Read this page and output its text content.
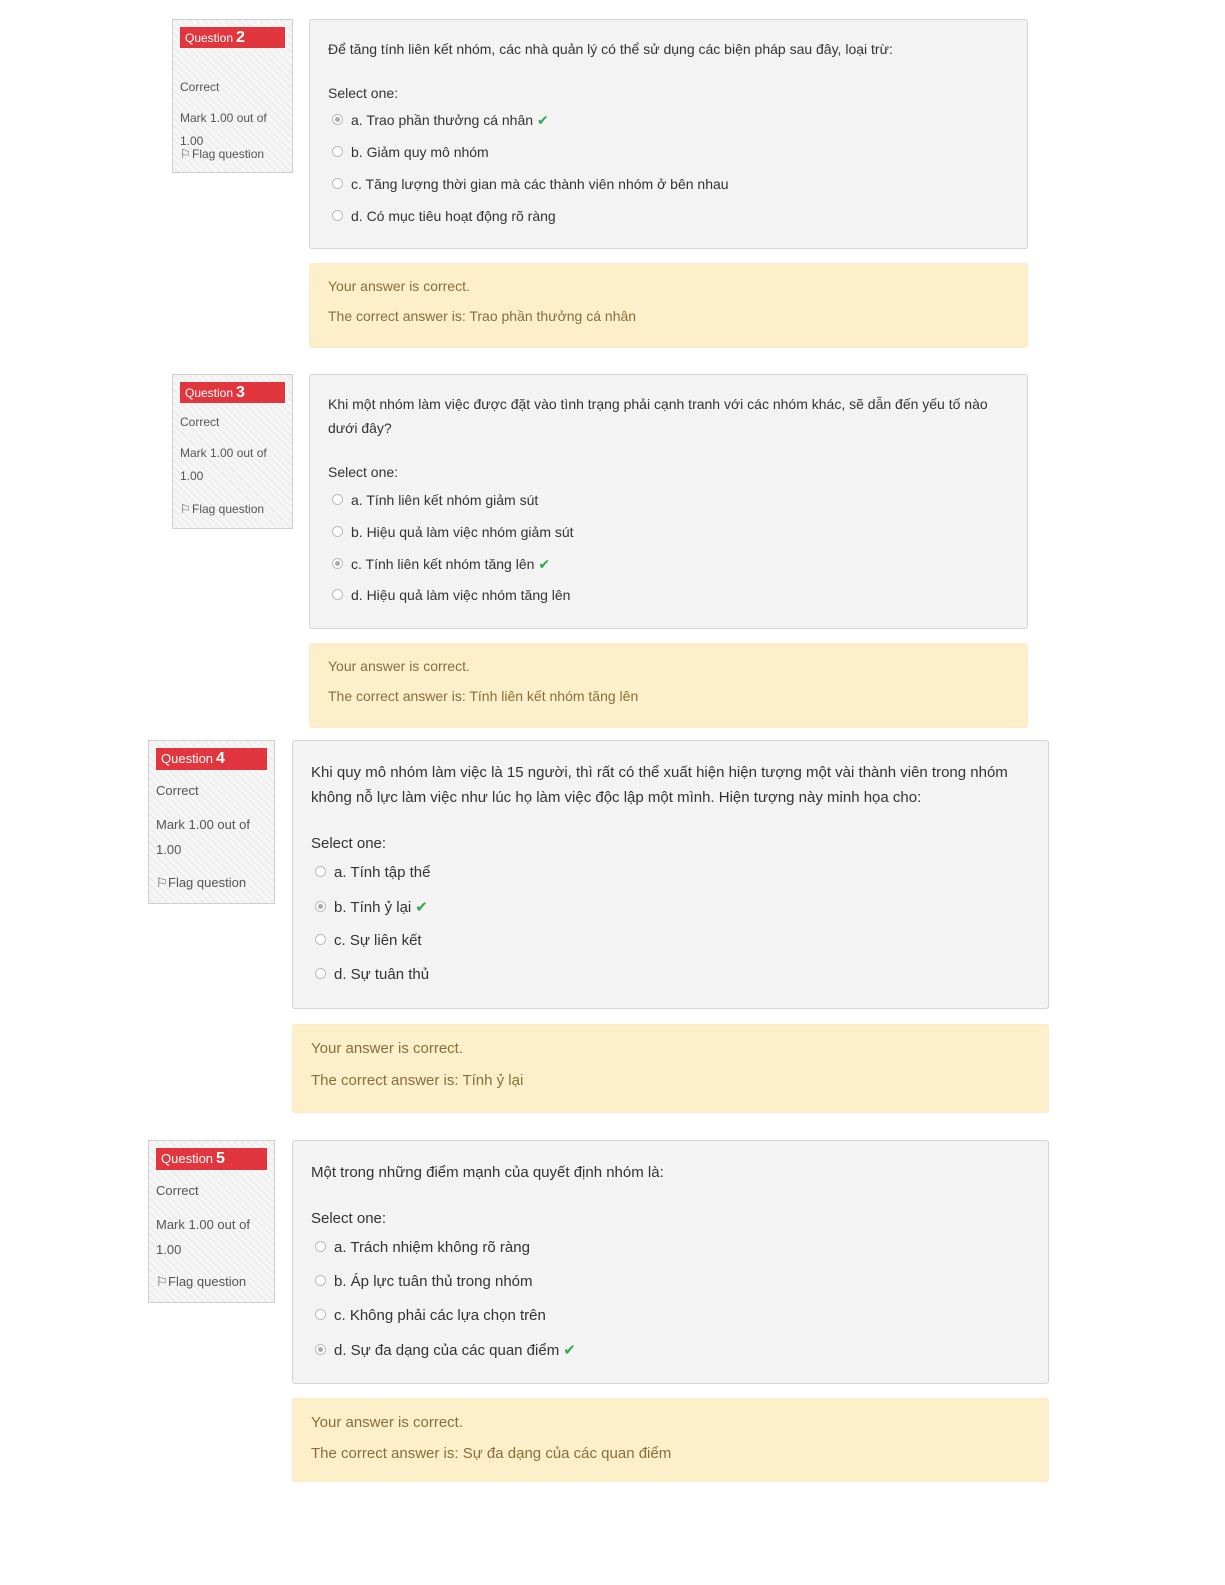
Question 2
Correct
Mark 1.00 out of
1.00
⚐Flag question
Để tăng tính liên kết nhóm, các nhà quản lý có thể sử dụng các biện pháp sau đây, loại trừ:
Select one:
a. Trao phần thưởng cá nhân ✔
b. Giảm quy mô nhóm
c. Tăng lượng thời gian mà các thành viên nhóm ở bên nhau
d. Có mục tiêu hoạt động rõ ràng
Your answer is correct.
The correct answer is: Trao phần thưởng cá nhân
Question 3
Correct
Mark 1.00 out of
1.00
⚐Flag question
Khi một nhóm làm việc được đặt vào tình trạng phải cạnh tranh với các nhóm khác, sẽ dẫn đến yếu tố nào dưới đây?
Select one:
a. Tính liên kết nhóm giảm sút
b. Hiệu quả làm việc nhóm giảm sút
c. Tính liên kết nhóm tăng lên ✔
d. Hiệu quả làm việc nhóm tăng lên
Your answer is correct.
The correct answer is: Tính liên kết nhóm tăng lên
Question 4
Correct
Mark 1.00 out of
1.00
⚐Flag question
Khi quy mô nhóm làm việc là 15 người, thì rất có thể xuất hiện hiện tượng một vài thành viên trong nhóm không nỗ lực làm việc như lúc họ làm việc độc lập một mình. Hiện tượng này minh họa cho:
Select one:
a. Tính tập thể
b. Tính ỷ lại ✔
c. Sự liên kết
d. Sự tuân thủ
Your answer is correct.
The correct answer is: Tính ỷ lại
Question 5
Correct
Mark 1.00 out of
1.00
⚐Flag question
Một trong những điểm mạnh của quyết định nhóm là:
Select one:
a. Trách nhiệm không rõ ràng
b. Áp lực tuân thủ trong nhóm
c. Không phải các lựa chọn trên
d. Sự đa dạng của các quan điểm ✔
Your answer is correct.
The correct answer is: Sự đa dạng của các quan điểm
